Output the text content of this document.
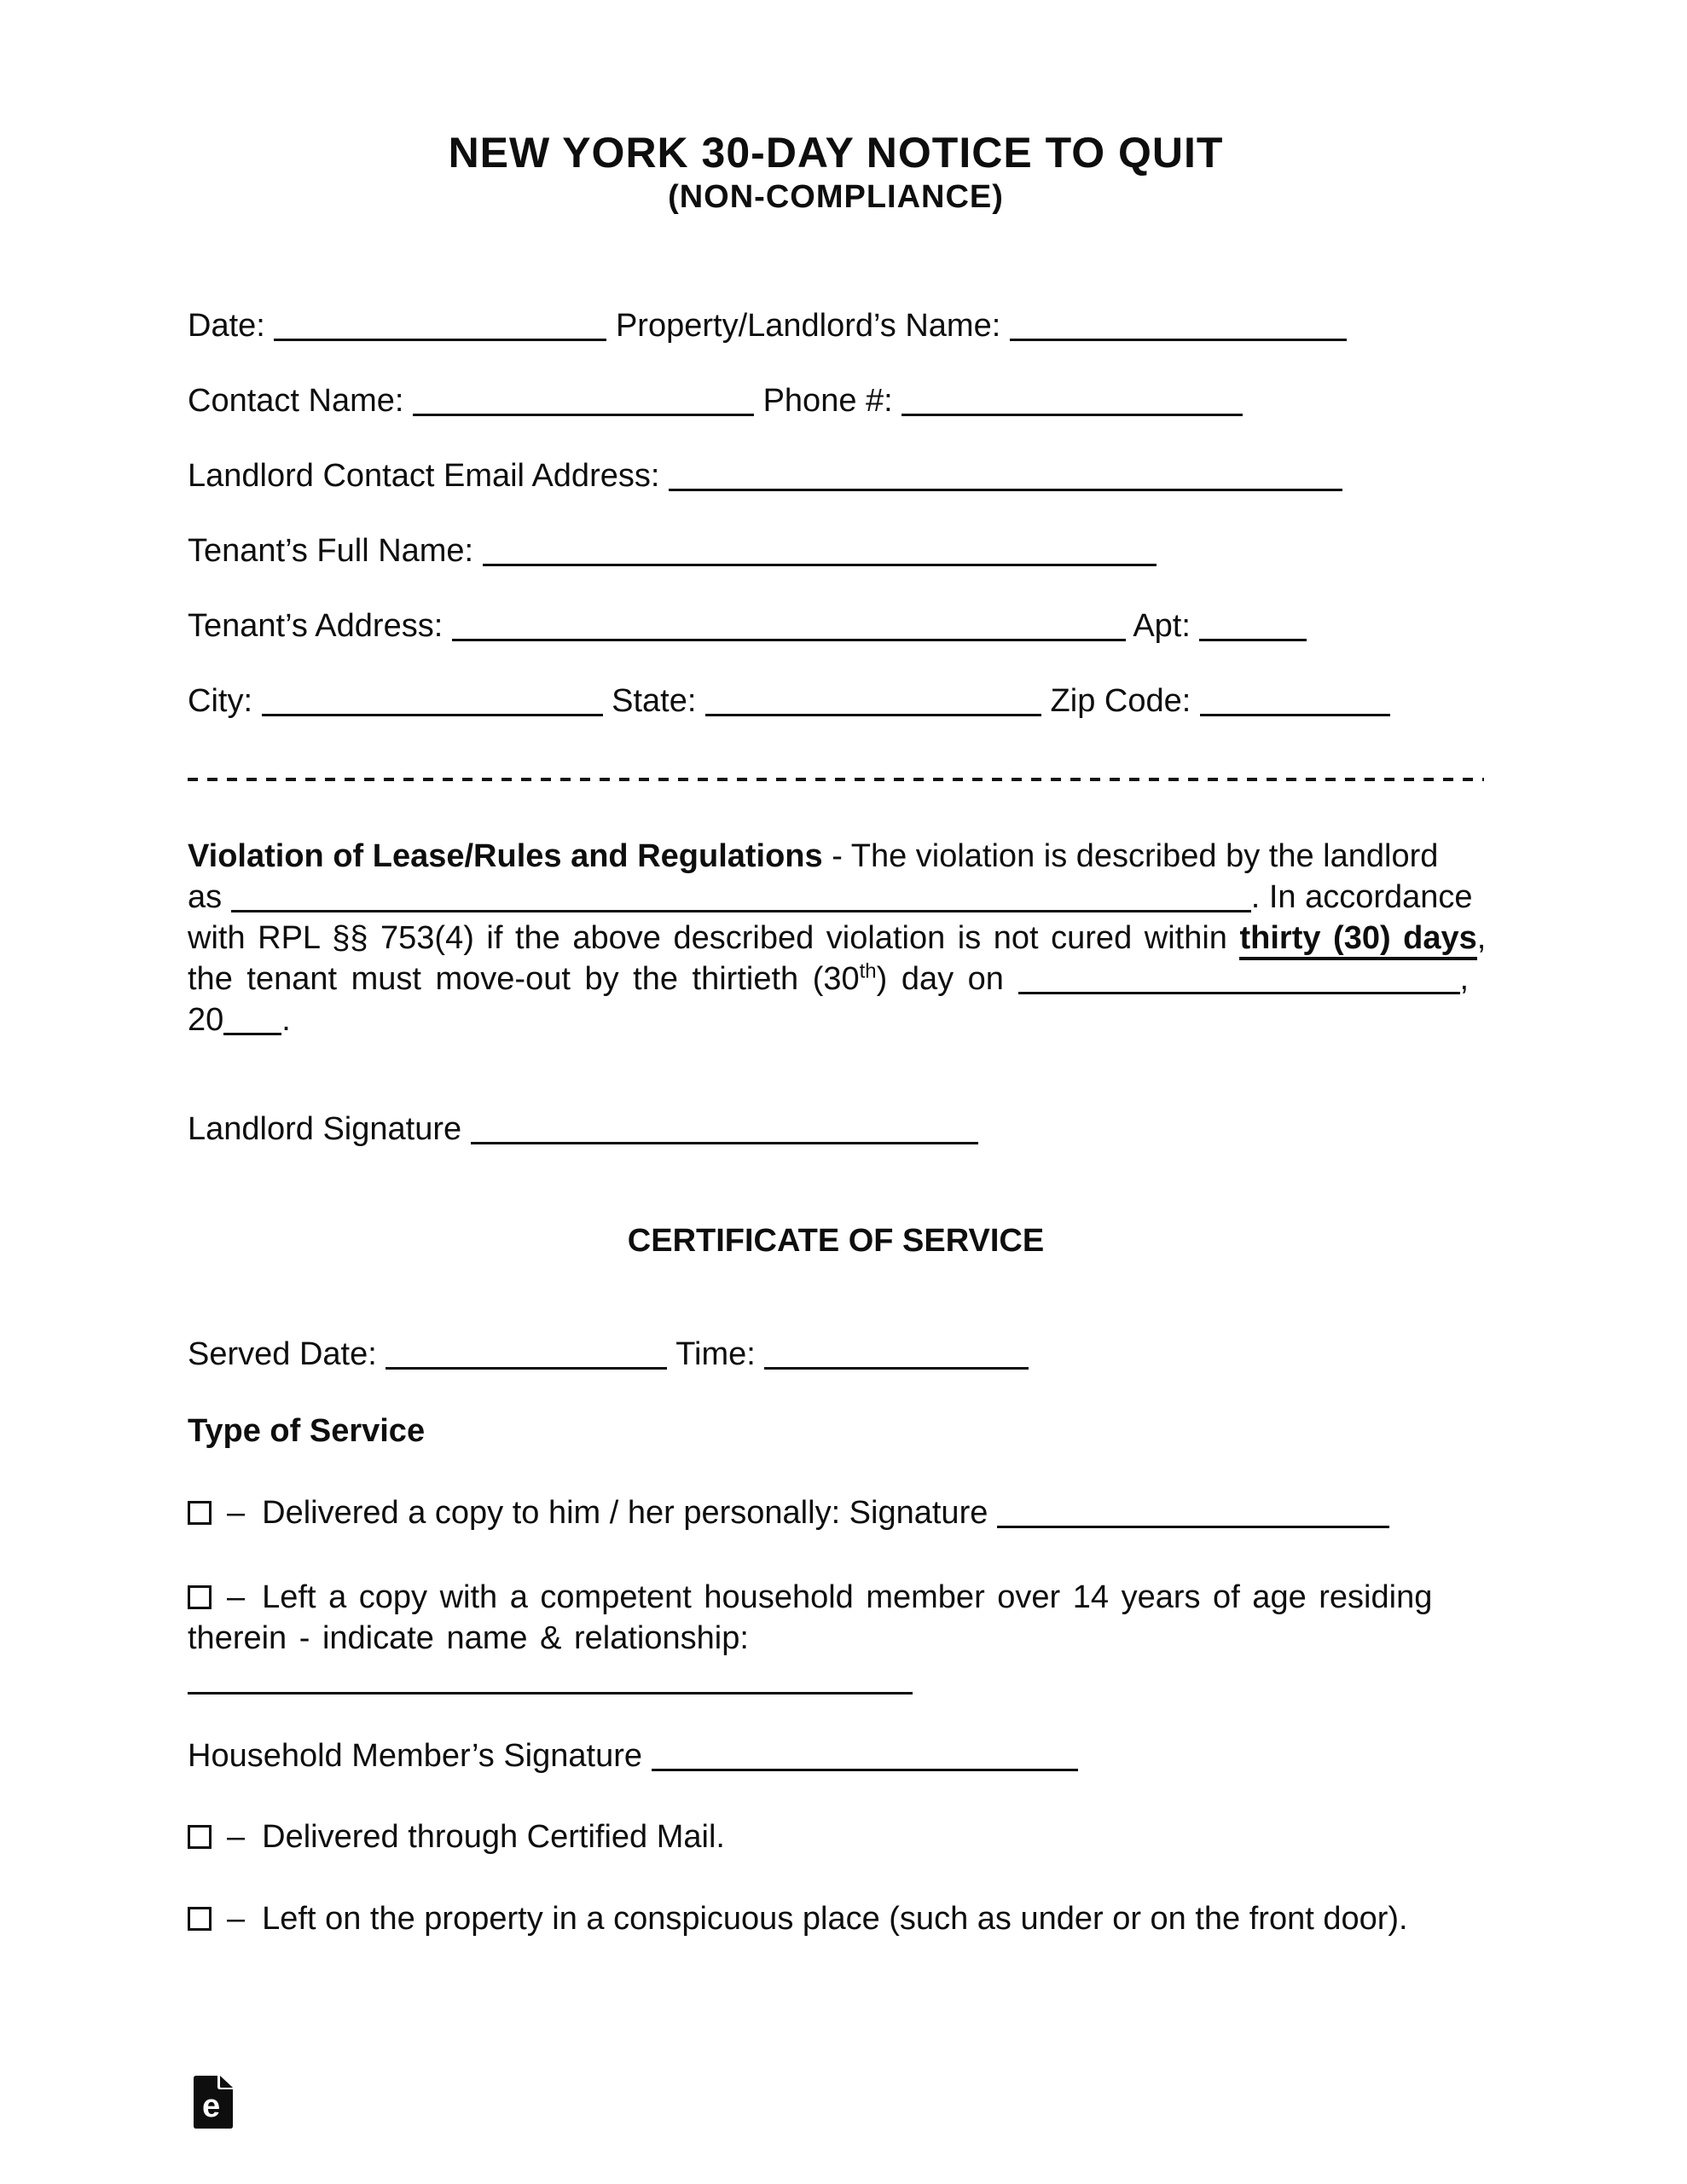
NEW YORK 30-DAY NOTICE TO QUIT
(NON-COMPLIANCE)
Date:	Property/Landlord’s Name:
Contact Name:	Phone #:
Landlord Contact Email Address:
Tenant’s Full Name:
Tenant’s Address:	Apt:
City:	State:	Zip Code:
Violation of Lease/Rules and Regulations - The violation is described by the landlord
as	. In accordance
with RPL §§ 753(4) if the above described violation is not cured within thirty (30) days,
the tenant must move-out by the thirtieth (30th) day on	,
20 .
Landlord Signature
CERTIFICATE OF SERVICE
Served Date:	Time:
Type of Service
– Delivered a copy to him / her personally: Signature
– Left a copy with a competent household member over 14 years of age residing
therein - indicate name & relationship:
Household Member’s Signature
– Delivered through Certified Mail.
– Left on the property in a conspicuous place (such as under or on the front door).
e
